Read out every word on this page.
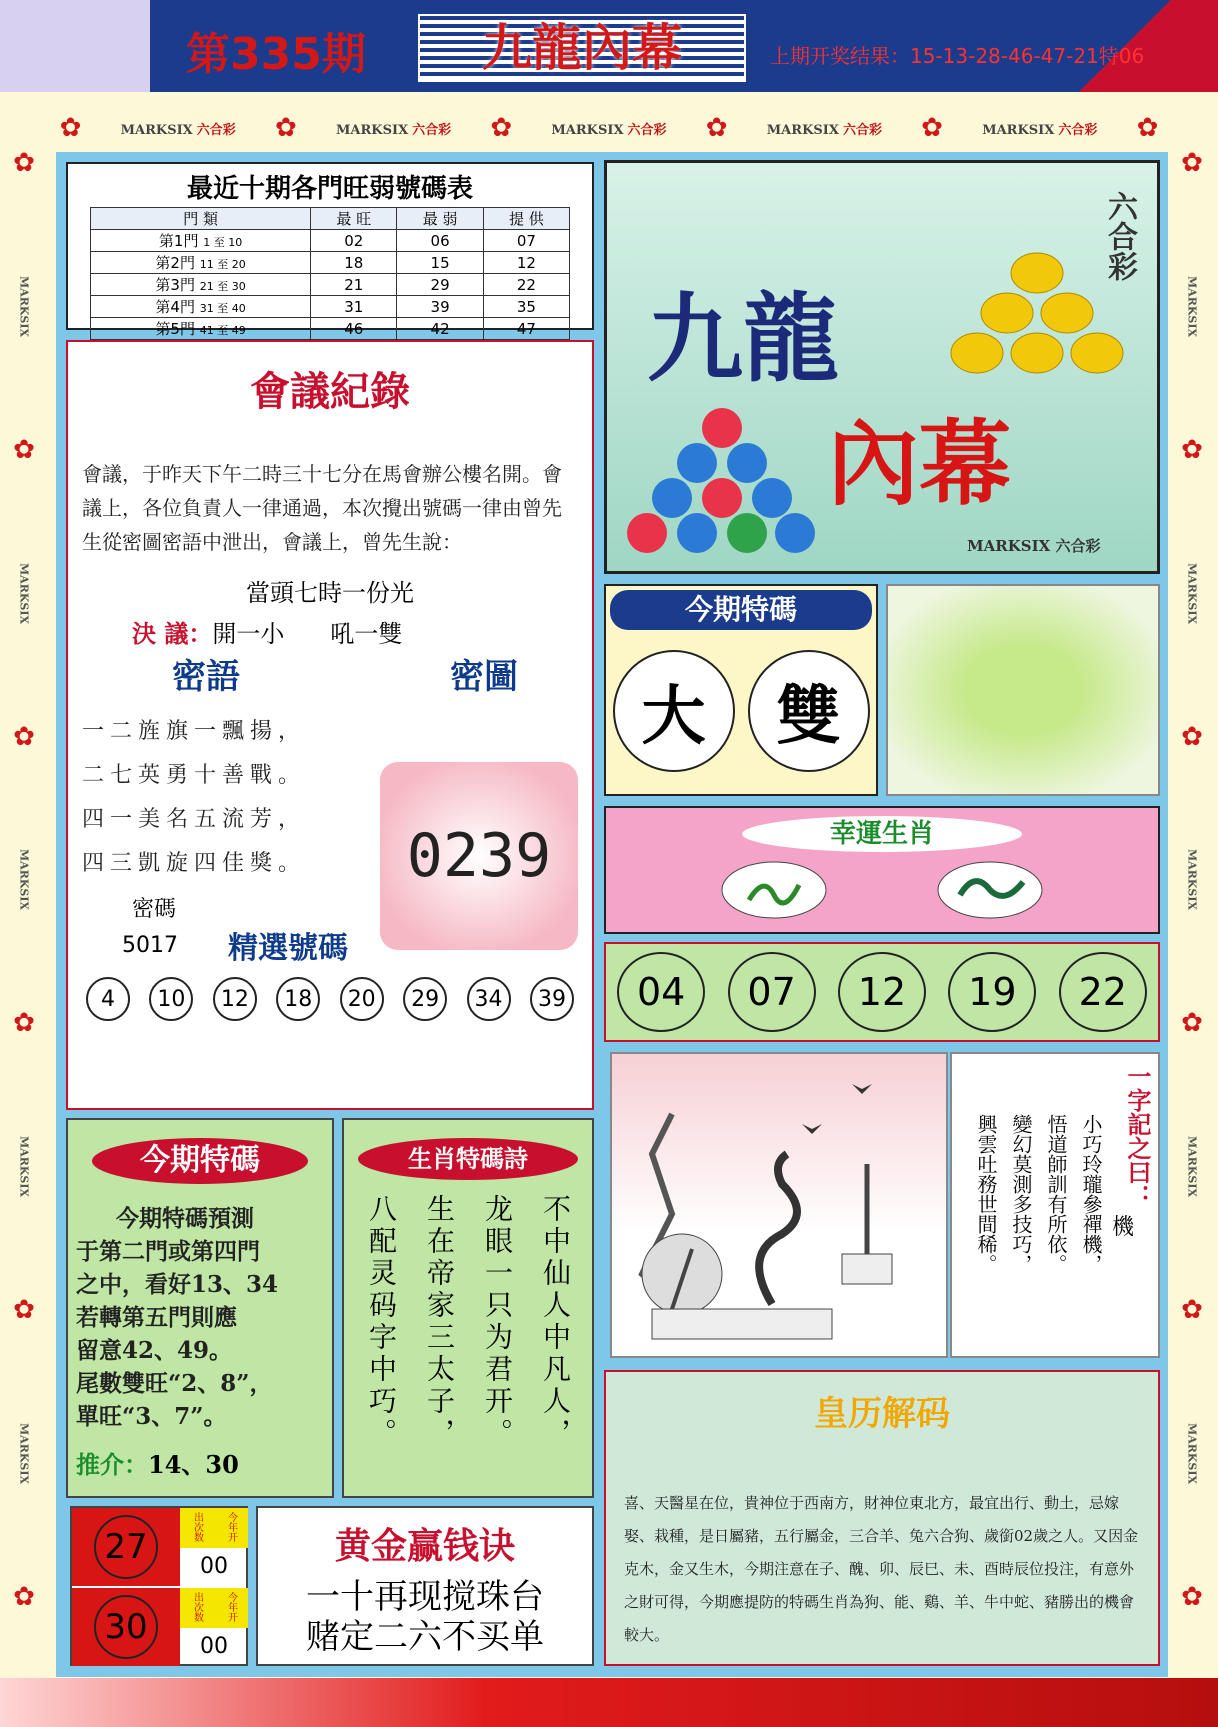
第335期	九龍內幕	上期开奖结果：15-13-28-46-47-21特06
✿	MARKSIX 六合彩 ✿	MARKSIX 六合彩 ✿	MARKSIX 六合彩 ✿	MARKSIX 六合彩 ✿	MARKSIX 六合彩 ✿
✿
MARKSIX
✿
MARKSIX
✿
MARKSIX
✿
MARKSIX
✿
MARKSIX
✿
✿
MARKSIX
✿
MARKSIX
✿
MARKSIX
✿
MARKSIX
✿
MARKSIX
✿
最近十期各門旺弱號碼表
門 類	最 旺	最 弱	提 供
第1門 1 至 10	02	06	07
第2門 11 至 20	18	15	12
第3門 21 至 30	21	29	22
第4門 31 至 40	31	39	35
第5門 41 至 49	46	42	47
會議紀錄
會議，于昨天下午二時三十七分在馬會辦公樓名開。會議上，各位負責人一律通過，本次攪出號碼一律由曾先生從密圖密語中泄出，會議上，曾先生說：
當頭七時一份光
決 議：開一小 吼一雙
密語	密圖
一二旌旗一飄揚，
二七英勇十善戰。
四一美名五流芳，
四三凱旋四佳獎。	0239
密碼
5017 精選號碼
4	10	12	18	20	29	34	39
今期特碼
今期特碼預測
于第二門或第四門
之中，看好13、34
若轉第五門則應
留意42、49。
尾數雙旺“2、8”，
單旺“3、7”。
推介：14、30
生肖特碼詩
不中仙人中凡人，
龙眼一只为君开。
生在帝家三太子，
八配灵码字中巧。
27	出次数 今年开
00
30	出次数 今年开
00
黄金赢钱诀
一十再现搅珠台
赌定二六不买单
六合彩
九龍
內幕
MARKSIX 六合彩
今期特碼
大	雙
幸運生肖
04	07	12	19	22
一字記之曰：
機
小巧玲瓏參禪機，
悟道師訓有所依。
變幻莫測多技巧，
興雲吐務世間稀。
皇历解码
喜、天醫星在位，貴神位于西南方，財神位東北方，最宜出行、動土，忌嫁娶、栽種，是日屬豬，五行屬金，三合羊、兔六合狗、歲銜02歲之人。又因金克木，金又生木，今期注意在子、醜、卯、辰巳、未、酉時辰位投注，有意外之財可得，今期應提防的特碼生肖為狗、能、鷄、羊、牛中蛇、豬勝出的機會較大。
